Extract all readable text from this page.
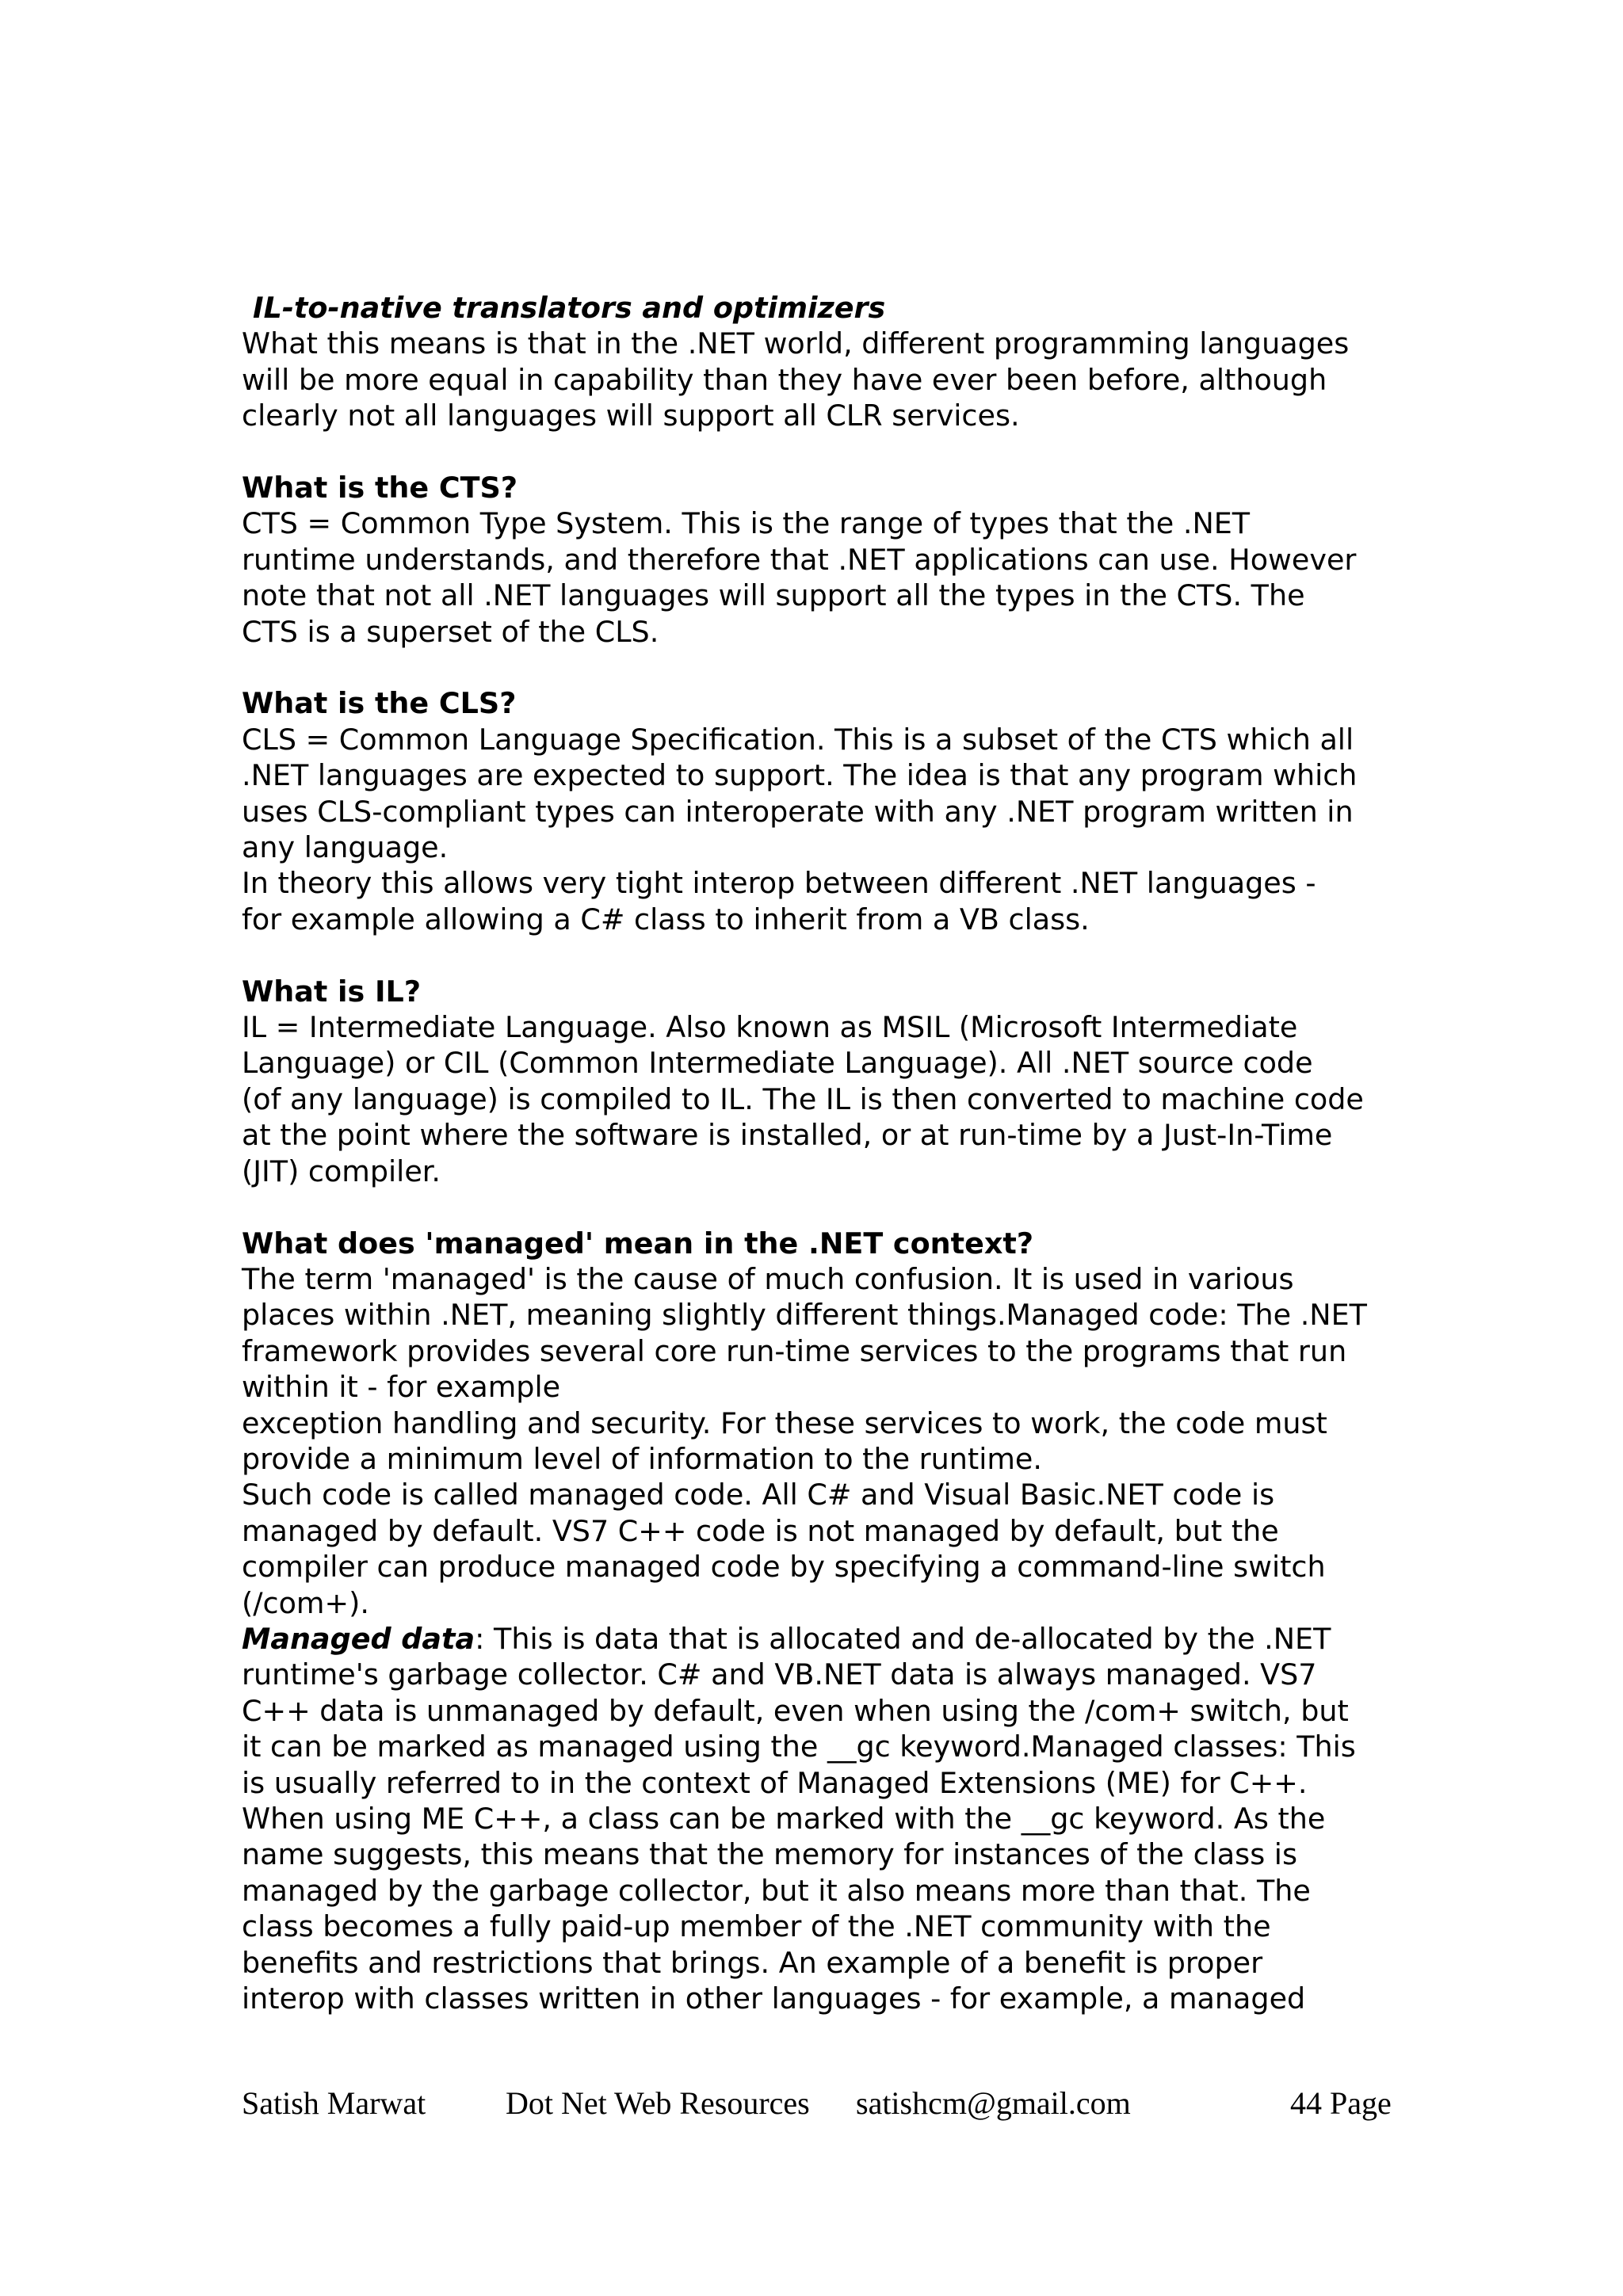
IL-to-native translators and optimizers

What this means is that in the .NET world, different programming languages

will be more equal in capability than they have ever been before, although

clearly not all languages will support all CLR services.

What is the CTS?

CTS = Common Type System. This is the range of types that the .NET

runtime understands, and therefore that .NET applications can use. However

note that not all .NET languages will support all the types in the CTS. The

CTS is a superset of the CLS.

What is the CLS?

CLS = Common Language Specification. This is a subset of the CTS which all

.NET languages are expected to support. The idea is that any program which

uses CLS-compliant types can interoperate with any .NET program written in

any language.

In theory this allows very tight interop between different .NET languages -

for example allowing a C# class to inherit from a VB class.

What is IL?

IL = Intermediate Language. Also known as MSIL (Microsoft Intermediate

Language) or CIL (Common Intermediate Language). All .NET source code

(of any language) is compiled to IL. The IL is then converted to machine code

at the point where the software is installed, or at run-time by a Just-In-Time

(JIT) compiler.

What does 'managed' mean in the .NET context?

The term 'managed' is the cause of much confusion. It is used in various

places within .NET, meaning slightly different things.Managed code: The .NET

framework provides several core run-time services to the programs that run

within it - for example

exception handling and security. For these services to work, the code must

provide a minimum level of information to the runtime.

Such code is called managed code. All C# and Visual Basic.NET code is

managed by default. VS7 C++ code is not managed by default, but the

compiler can produce managed code by specifying a command-line switch

(/com+).

Managed data: This is data that is allocated and de-allocated by the .NET

runtime's garbage collector. C# and VB.NET data is always managed. VS7

C++ data is unmanaged by default, even when using the /com+ switch, but

it can be marked as managed using the __gc keyword.Managed classes: This

is usually referred to in the context of Managed Extensions (ME) for C++.

When using ME C++, a class can be marked with the __gc keyword. As the

name suggests, this means that the memory for instances of the class is

managed by the garbage collector, but it also means more than that. The

class becomes a fully paid-up member of the .NET community with the

benefits and restrictions that brings. An example of a benefit is proper

interop with classes written in other languages - for example, a managed

Satish Marwat	Dot Net Web Resources satishcm@gmail.com	44 Page
